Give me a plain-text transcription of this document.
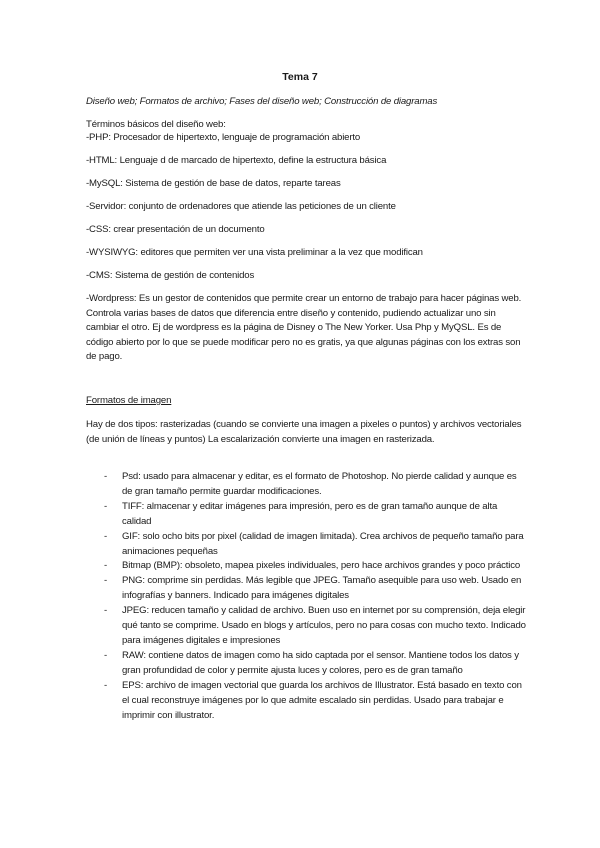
Tema 7
Diseño web; Formatos de archivo; Fases del diseño web; Construcción de diagramas
Términos básicos del diseño web:
-PHP: Procesador de hipertexto, lenguaje de programación abierto
-HTML: Lenguaje d de marcado de hipertexto, define la estructura básica
-MySQL: Sistema de gestión de base de datos, reparte tareas
-Servidor: conjunto de ordenadores que atiende las peticiones de un cliente
-CSS: crear presentación de un documento
-WYSIWYG: editores que permiten ver una vista preliminar a la vez que modifican
-CMS: Sistema de gestión de contenidos
-Wordpress: Es un gestor de contenidos que permite crear un entorno de trabajo para hacer páginas web. Controla varias bases de datos que diferencia entre diseño y contenido, pudiendo actualizar uno sin cambiar el otro. Ej de wordpress es la página de Disney o The New Yorker. Usa Php y MyQSL. Es de código abierto por lo que se puede modificar pero no es gratis, ya que algunas páginas con los extras son de pago.
Formatos de imagen
Hay de dos tipos: rasterizadas (cuando se convierte una imagen a pixeles o puntos) y archivos vectoriales (de unión de líneas y puntos) La escalarización convierte una imagen en rasterizada.
- Psd: usado para almacenar y editar, es el formato de Photoshop. No pierde calidad y aunque es de gran tamaño permite guardar modificaciones.
- TIFF: almacenar y editar imágenes para impresión, pero es de gran tamaño aunque de alta calidad
- GIF: solo ocho bits por pixel (calidad de imagen limitada). Crea archivos de pequeño tamaño para animaciones pequeñas
- Bitmap (BMP): obsoleto, mapea pixeles individuales, pero hace archivos grandes y poco práctico
- PNG: comprime sin perdidas. Más legible que JPEG. Tamaño asequible para uso web. Usado en infografías y banners. Indicado para imágenes digitales
- JPEG: reducen tamaño y calidad de archivo. Buen uso en internet por su comprensión, deja elegir qué tanto se comprime. Usado en blogs y artículos, pero no para cosas con mucho texto. Indicado para imágenes digitales e impresiones
- RAW: contiene datos de imagen como ha sido captada por el sensor. Mantiene todos los datos y gran profundidad de color y permite ajusta luces y colores, pero es de gran tamaño
- EPS: archivo de imagen vectorial que guarda los archivos de Illustrator. Está basado en texto con el cual reconstruye imágenes por lo que admite escalado sin perdidas. Usado para trabajar e imprimir con illustrator.
